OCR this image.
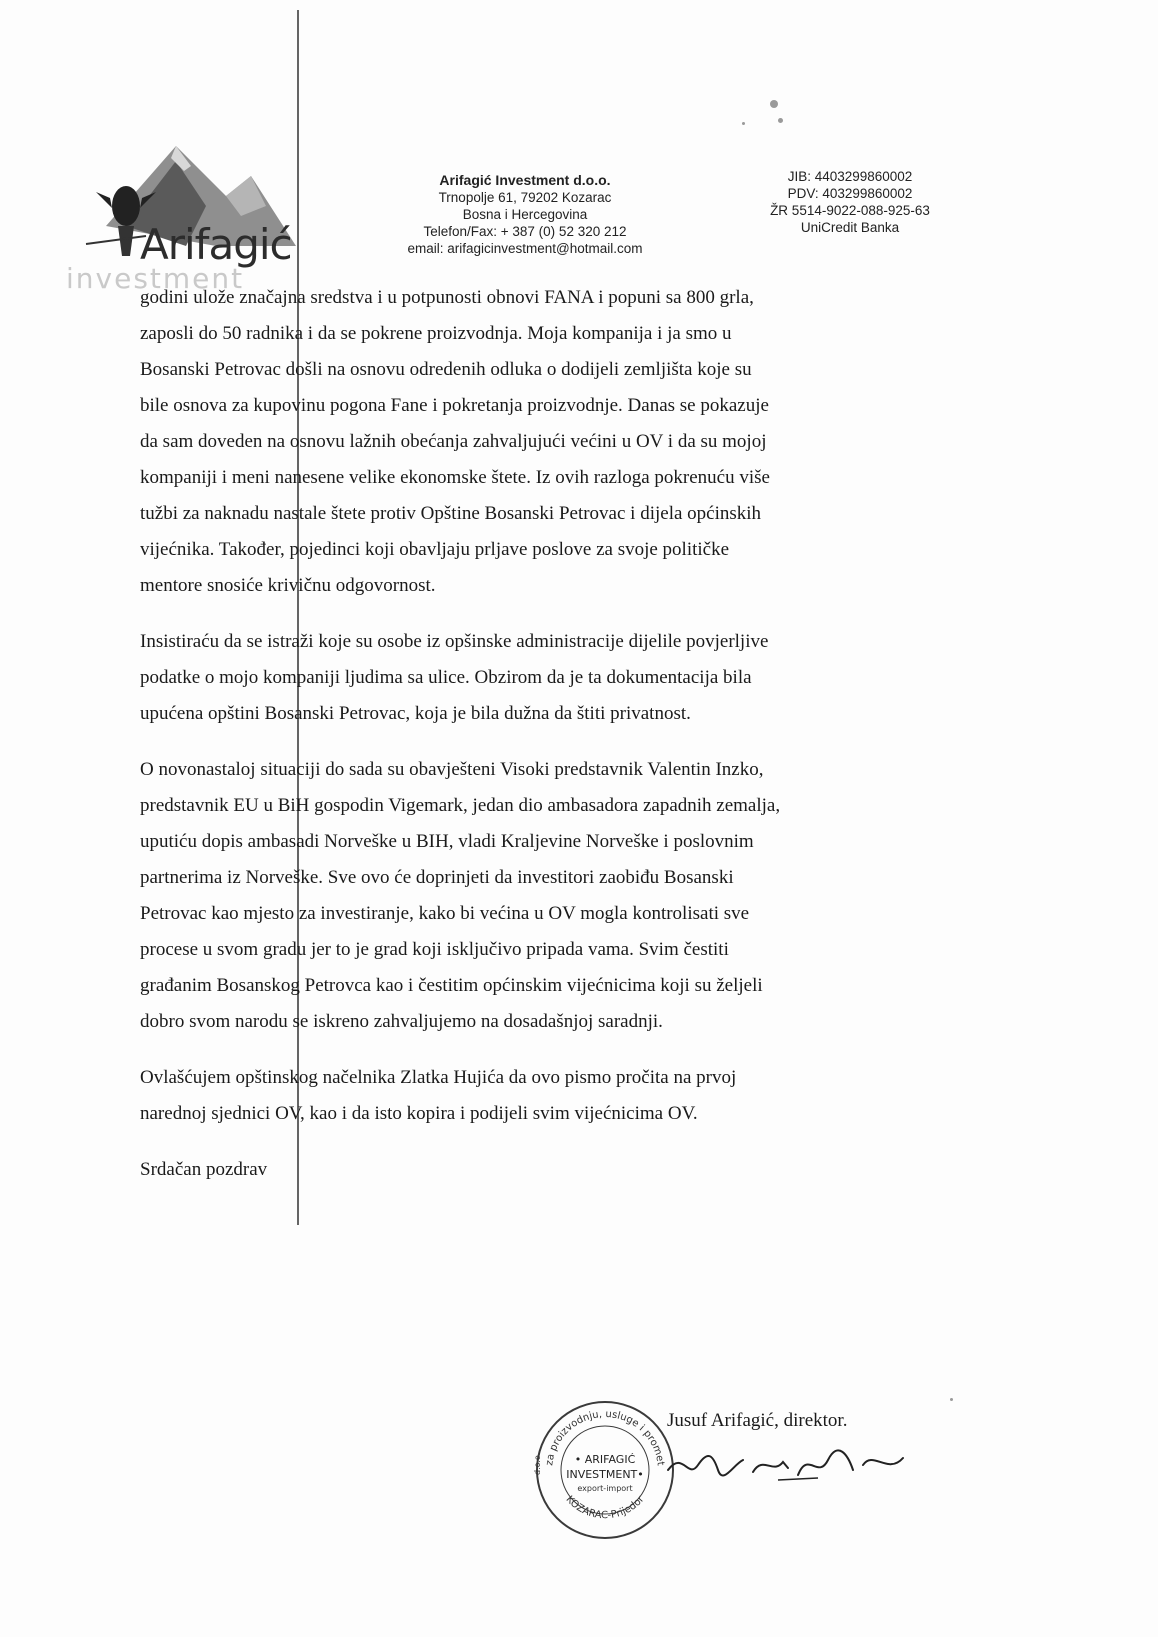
Arifagić
investment
Arifagić Investment d.o.o.
Trnopolje 61, 79202 Kozarac
Bosna i Hercegovina
Telefon/Fax: + 387 (0) 52 320 212
email: arifagicinvestment@hotmail.com
JIB: 4403299860002
PDV: 403299860002
ŽR 5514-9022-088-925-63
UniCredit Banka
godini ulože značajna sredstva i u potpunosti obnovi FANA i popuni sa 800 grla,
zaposli do 50 radnika i da se pokrene proizvodnja. Moja kompanija i ja smo u
Bosanski Petrovac došli na osnovu odredenih odluka o dodijeli zemljišta koje su
bile osnova za kupovinu pogona Fane i pokretanja proizvodnje. Danas se pokazuje
da sam doveden na osnovu lažnih obećanja zahvaljujući većini u OV i da su mojoj
kompaniji i meni nanesene velike ekonomske štete. Iz ovih razloga pokrenuću više
tužbi za naknadu nastale štete protiv Opštine Bosanski Petrovac i dijela općinskih
vijećnika. Također, pojedinci koji obavljaju prljave poslove za svoje političke
mentore snosiće krivičnu odgovornost.
Insistiraću da se istraži koje su osobe iz opšinske administracije dijelile povjerljive
podatke o mojo kompaniji ljudima sa ulice. Obzirom da je ta dokumentacija bila
upućena opštini Bosanski Petrovac, koja je bila dužna da štiti privatnost.
O novonastaloj situaciji do sada su obavješteni Visoki predstavnik Valentin Inzko,
predstavnik EU u BiH gospodin Vigemark, jedan dio ambasadora zapadnih zemalja,
uputiću dopis ambasadi Norveške u BIH, vladi Kraljevine Norveške i poslovnim
partnerima iz Norveške. Sve ovo će doprinjeti da investitori zaobiđu Bosanski
Petrovac kao mjesto za investiranje, kako bi većina u OV mogla kontrolisati sve
procese u svom gradu jer to je grad koji isključivo pripada vama. Svim čestiti
građanim Bosanskog Petrovca kao i čestitim općinskim vijećnicima koji su željeli
dobro svom narodu se iskreno zahvaljujemo na dosadašnjoj saradnji.
Ovlašćujem opštinskog načelnika Zlatka Hujića da ovo pismo pročita na prvoj
narednoj sjednici OV, kao i da isto kopira i podijeli svim vijećnicima OV.
Srdačan pozdrav
za proizvodnju, usluge i promet
KOZARAC-Prijedor
d.o.o.	• ARIFAGIĆ
INVESTMENT•
export-import
Jusuf Arifagić, direktor.
